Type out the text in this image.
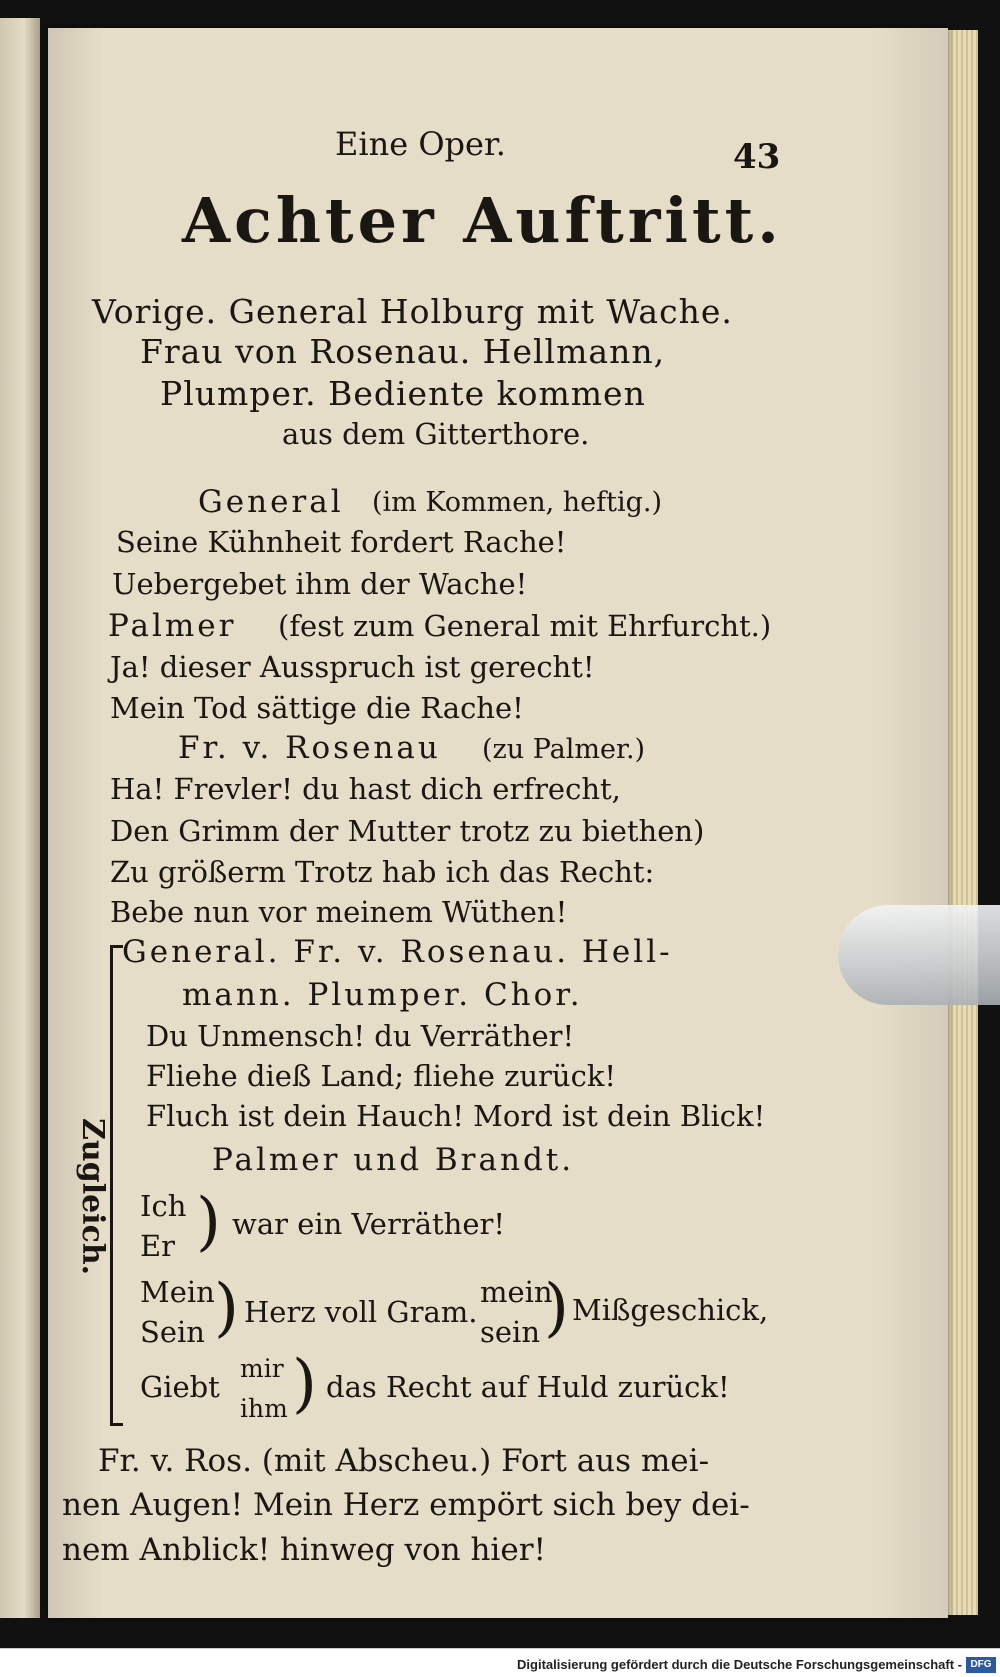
Eine Oper.	43
Achter Auftritt.
Vorige. General Holburg mit Wache.
Frau von Rosenau. Hellmann,
Plumper. Bediente kommen
aus dem Gitterthore.
General (im Kommen, heftig.)
Seine Kühnheit fordert Rache!
Uebergebet ihm der Wache!
Palmer (fest zum General mit Ehrfurcht.)
Ja! dieser Ausspruch ist gerecht!
Mein Tod sättige die Rache!
Fr. v. Rosenau (zu Palmer.)
Ha! Frevler! du hast dich erfrecht,
Den Grimm der Mutter trotz zu biethen)
Zu größerm Trotz hab ich das Recht:
Bebe nun vor meinem Wüthen!
General. Fr. v. Rosenau. Hell-
mann. Plumper. Chor.
Du Unmensch! du Verräther!
Fliehe dieß Land; fliehe zurück!
Fluch ist dein Hauch! Mord ist dein Blick!
Palmer und Brandt.
Ich
Er ) war ein Verräther!
Mein
Sein ) Herz voll Gram.
mein
sein ) Mißgeschick,
Giebt
mir
ihm ) das Recht auf Huld zurück!
Zugleich.
Fr. v. Ros. (mit Abscheu.) Fort aus mei-
nen Augen! Mein Herz empört sich bey dei-
nem Anblick! hinweg von hier!
Digitalisierung gefördert durch die Deutsche Forschungsgemeinschaft - DFG
